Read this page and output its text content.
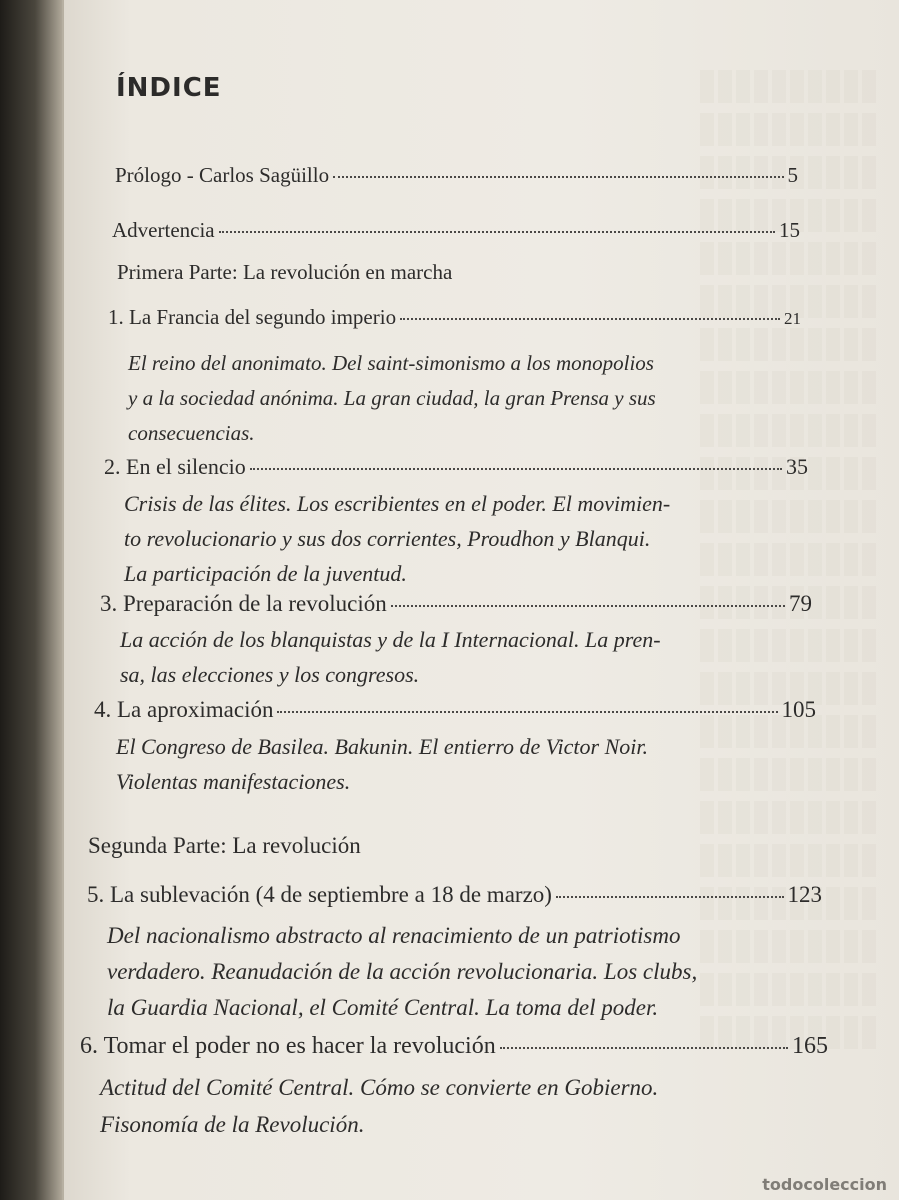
ÍNDICE
Prólogo - Carlos Sagüillo	5
Advertencia	15
Primera Parte: La revolución en marcha
1. La Francia del segundo imperio	21
El reino del anonimato. Del saint-simonismo a los monopolios
y a la sociedad anónima. La gran ciudad, la gran Prensa y sus
consecuencias.
2. En el silencio	35
Crisis de las élites. Los escribientes en el poder. El movimien-
to revolucionario y sus dos corrientes, Proudhon y Blanqui.
La participación de la juventud.
3. Preparación de la revolución	79
La acción de los blanquistas y de la I Internacional. La pren-
sa, las elecciones y los congresos.
4. La aproximación	105
El Congreso de Basilea. Bakunin. El entierro de Victor Noir.
Violentas manifestaciones.
Segunda Parte: La revolución
5. La sublevación (4 de septiembre a 18 de marzo)	123
Del nacionalismo abstracto al renacimiento de un patriotismo
verdadero. Reanudación de la acción revolucionaria. Los clubs,
la Guardia Nacional, el Comité Central. La toma del poder.
6. Tomar el poder no es hacer la revolución	165
Actitud del Comité Central. Cómo se convierte en Gobierno.
Fisonomía de la Revolución.
todocoleccion
